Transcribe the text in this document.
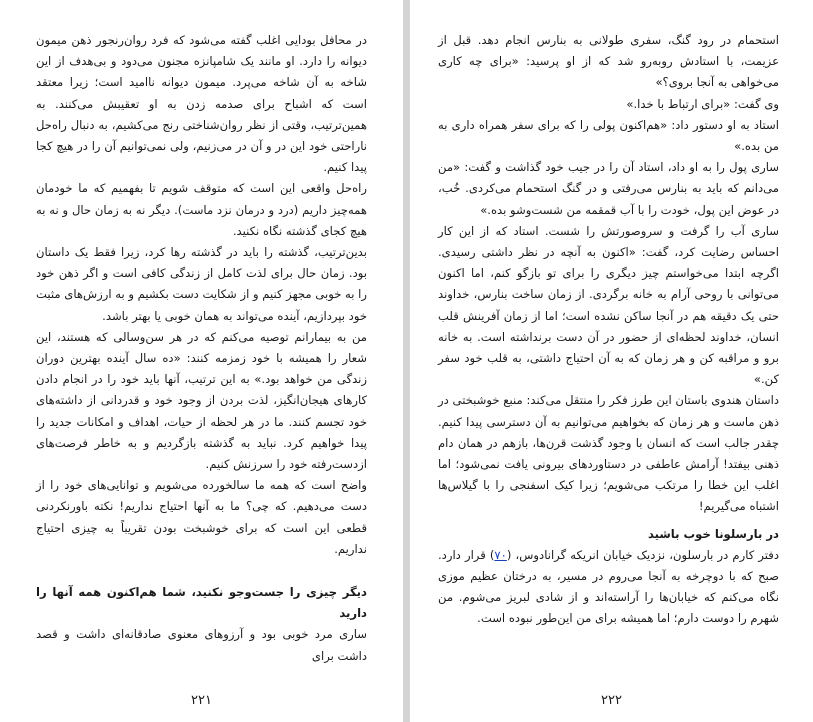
در محافل بودایی اغلب گفته می‌شود که فرد روان‌رنجور ذهن میمون دیوانه را دارد. او مانند یک شامپانزه مجنون می‌دود و بی‌هدف از این شاخه به آن شاخه می‌پرد. میمون دیوانه ناامید است؛ زیرا معتقد است که اشباح برای صدمه زدن به او تعقیبش می‌کنند. به همین‌ترتیب، وقتی از نظر روان‌شناختی رنج می‌کشیم، به دنبال راه‌حل ناراحتی خود این در و آن در می‌زنیم، ولی نمی‌توانیم آن را در هیچ کجا پیدا کنیم.

راه‌حل واقعی این است که متوقف شویم تا بفهمیم که ما خودمان همه‌چیز داریم (درد و درمان نزد ماست). دیگر نه به زمان حال و نه به هیچ کجای گذشته نگاه نکنید.

بدین‌ترتیب، گذشته را باید در گذشته رها کرد، زیرا فقط یک داستان بود. زمان حال برای لذت کامل از زندگی کافی است و اگر ذهن خود را به خوبی مجهز کنیم و از شکایت دست بکشیم و به ارزش‌های مثبت خود بپردازیم، آینده می‌تواند به همان خوبی یا بهتر باشد.

من به بیمارانم توصیه می‌کنم که در هر سن‌وسالی که هستند، این شعار را همیشه با خود زمزمه کنند: «ده سال آینده بهترین دوران زندگی من خواهد بود.» به این ترتیب، آنها باید خود را در انجام دادن کارهای هیجان‌انگیز، لذت بردن از وجود خود و قدردانی از داشته‌های خود تجسم کنند. ما در هر لحظه از حیات، اهداف و امکانات جدید را پیدا خواهیم کرد. نباید به گذشته بازگردیم و به خاطر فرصت‌های ازدست‌رفته خود را سرزنش کنیم.

واضح است که همه ما سالخورده می‌شویم و توانایی‌های خود را از دست می‌دهیم. که چی؟ ما به آنها احتیاج نداریم! نکته باورنکردنی قطعی این است که برای خوشبخت بودن تقریباً به چیزی احتیاج نداریم.

دیگر چیزی را جست‌وجو نکنید، شما هم‌اکنون همه آنها را دارید

ساری مرد خوبی بود و آرزوهای معنوی صادقانه‌ای داشت و قصد داشت برای

۲۲۱

استحمام در رود گنگ، سفری طولانی به بنارس انجام دهد. قبل از عزیمت، با استادش روبه‌رو شد که از او پرسید: «برای چه کاری می‌خواهی به آنجا بروی؟»

وی گفت: «برای ارتباط با خدا.»

استاد به او دستور داد: «هم‌اکنون پولی را که برای سفر همراه داری به من بده.»

ساری پول را به او داد، استاد آن را در جیب خود گذاشت و گفت: «من می‌دانم که باید به بنارس می‌رفتی و در گنگ استحمام می‌کردی. خُب، در عوض این پول، خودت را با آب قمقمه من شست‌وشو بده.»

ساری آب را گرفت و سروصورتش را شست. استاد که از این کار احساس رضایت کرد، گفت: «اکنون به آنچه در نظر داشتی رسیدی. اگرچه ابتدا می‌خواستم چیز دیگری را برای تو بازگو کنم، اما اکنون می‌توانی با روحی آرام به خانه برگردی. از زمان ساخت بنارس، خداوند حتی یک دقیقه هم در آنجا ساکن نشده است؛ اما از زمان آفرینش قلب انسان، خداوند لحظه‌ای از حضور در آن دست برنداشته است. به خانه برو و مراقبه کن و هر زمان که به آن احتیاج داشتی، به قلب خود سفر کن.»

داستان هندوی باستان این طرز فکر را منتقل می‌کند: منبع خوشبختی در ذهن ماست و هر زمان که بخواهیم می‌توانیم به آن دسترسی پیدا کنیم. چقدر جالب است که انسان با وجود گذشت قرن‌ها، بازهم در همان دام ذهنی بیفتد! آرامش عاطفی در دستاوردهای بیرونی یافت نمی‌شود؛ اما اغلب این خطا را مرتکب می‌شویم؛ زیرا کیک اسفنجی را با گیلاس‌ها اشتباه می‌گیریم!

در بارسلونا خوب باشید

دفتر کارم در بارسلون، نزدیک خیابان انریکه گرانادوس، (۷۰) قرار دارد. صبح که با دوچرخه به آنجا می‌روم در مسیر، به درختان عظیم موزی نگاه می‌کنم که خیابان‌ها را آراسته‌اند و از شادی لبریز می‌شوم. من شهرم را دوست دارم؛ اما همیشه برای من این‌طور نبوده است.

۲۲۲
